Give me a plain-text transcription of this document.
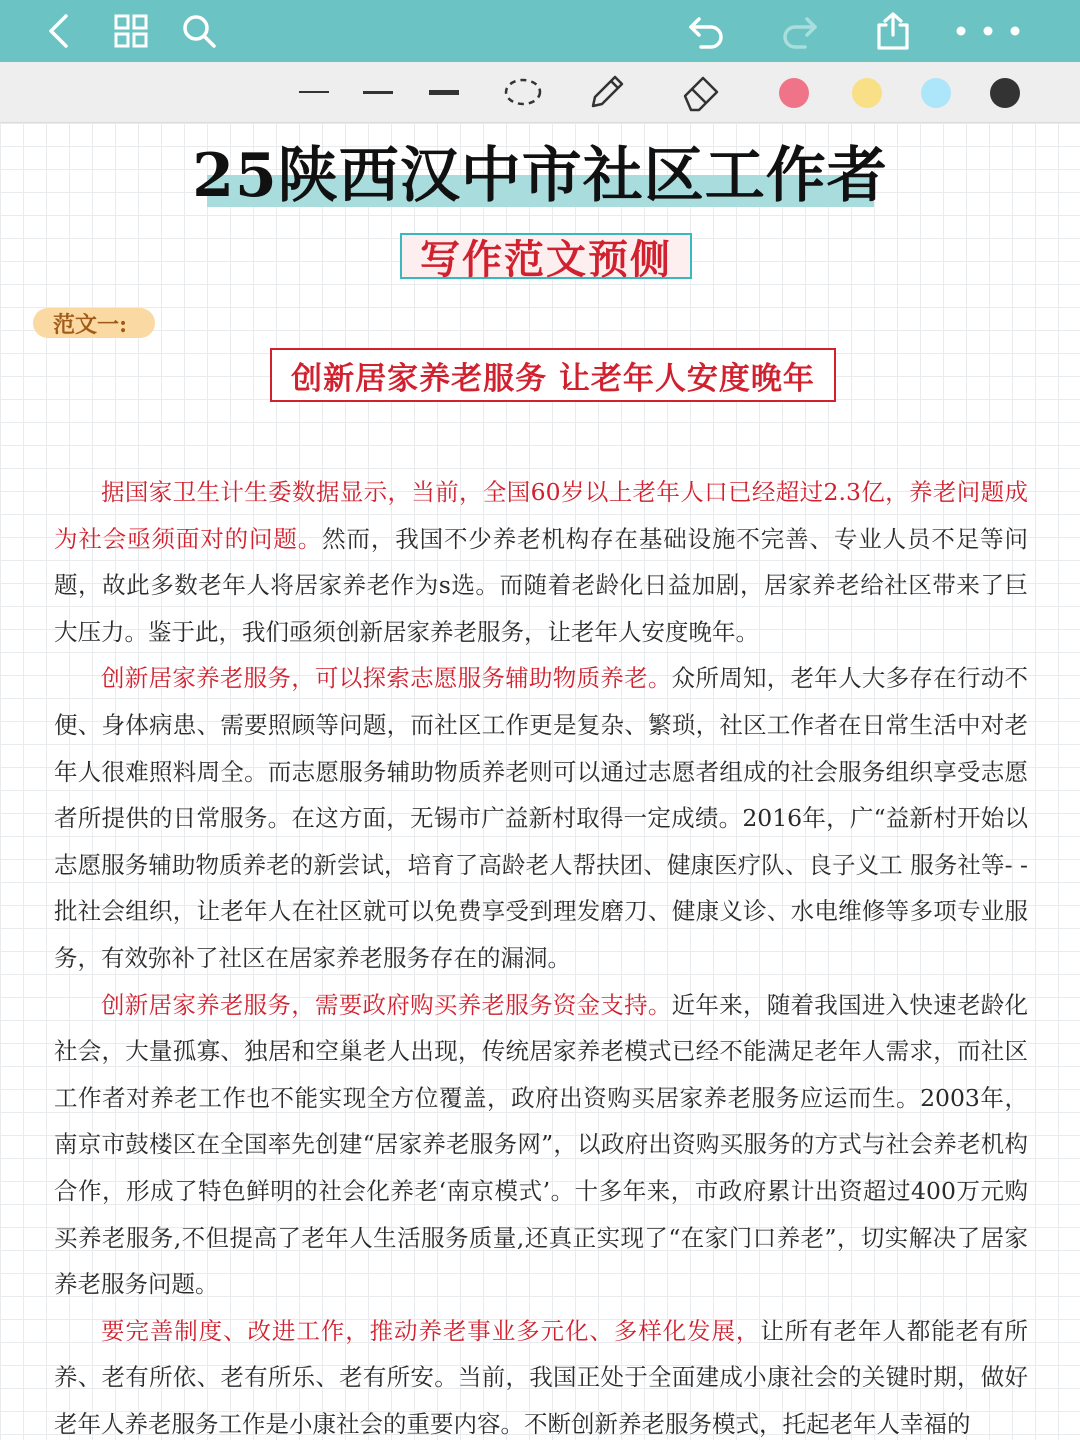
25陕西汉中市社区工作者
写作范文预侧
范文一:
创新居家养老服务 让老年人安度晚年

据国家卫生计生委数据显示，当前，全国60岁以上老年人口已经超过2.3亿，养老问题成为社会亟须面对的问题。然而，我国不少养老机构存在基础设施不完善、专业人员不足等问题，故此多数老年人将居家养老作为s选。而随着老龄化日益加剧，居家养老给社区带来了巨大压力。鉴于此，我们亟须创新居家养老服务，让老年人安度晚年。

创新居家养老服务，可以探索志愿服务辅助物质养老。众所周知，老年人大多存在行动不便、身体病患、需要照顾等问题，而社区工作更是复杂、繁琐，社区工作者在日常生活中对老年人很难照料周全。而志愿服务辅助物质养老则可以通过志愿者组成的社会服务组织享受志愿者所提供的日常服务。在这方面，无锡市广益新村取得一定成绩。2016年，广“益新村开始以志愿服务辅助物质养老的新尝试，培育了高龄老人帮扶团、健康医疗队、良子义工 服务社等- -批社会组织，让老年人在社区就可以免费享受到理发磨刀、健康义诊、水电维修等多项专业服务，有效弥补了社区在居家养老服务存在的漏洞。

创新居家养老服务，需要政府购买养老服务资金支持。近年来，随着我国进入快速老龄化社会，大量孤寡、独居和空巢老人出现，传统居家养老模式已经不能满足老年人需求，而社区工作者对养老工作也不能实现全方位覆盖，政府出资购买居家养老服务应运而生。2003年，南京市鼓楼区在全国率先创建“居家养老服务网”，以政府出资购买服务的方式与社会养老机构合作，形成了特色鲜明的社会化养老‘南京模式’。十多年来，市政府累计出资超过400万元购买养老服务,不但提高了老年人生活服务质量,还真正实现了“在家门口养老”，切实解决了居家养老服务问题。

要完善制度、改进工作，推动养老事业多元化、多样化发展，让所有老年人都能老有所养、老有所依、老有所乐、老有所安。当前，我国正处于全面建成小康社会的关键时期，做好老年人养老服务工作是小康社会的重要内容。不断创新养老服务模式，托起老年人幸福的
